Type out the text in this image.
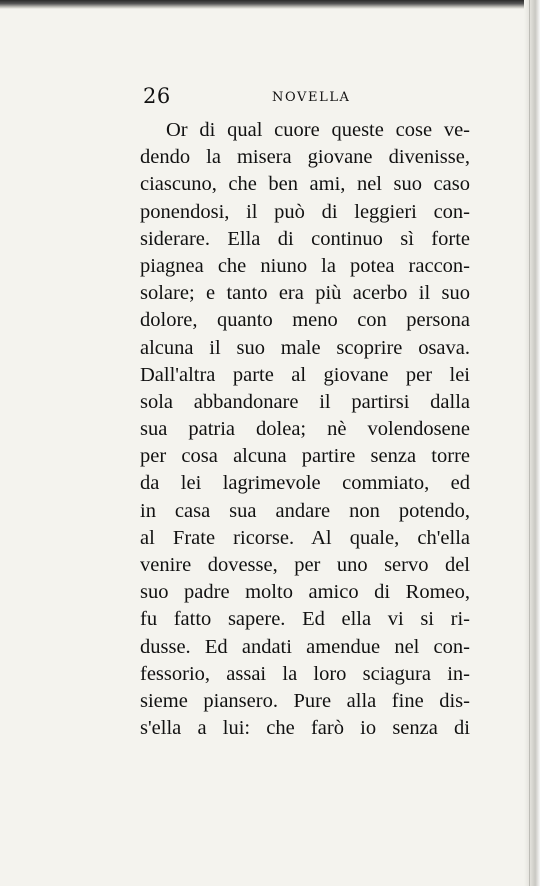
26	NOVELLA
Or di qual cuore queste cose ve-
dendo la misera giovane divenisse,
ciascuno, che ben ami, nel suo caso
ponendosi, il può di leggieri con-
siderare. Ella di continuo sì forte
piagnea che niuno la potea raccon-
solare; e tanto era più acerbo il suo
dolore, quanto meno con persona
alcuna il suo male scoprire osava.
Dall'altra parte al giovane per lei
sola abbandonare il partirsi dalla
sua patria dolea; nè volendosene
per cosa alcuna partire senza torre
da lei lagrimevole commiato, ed
in casa sua andare non potendo,
al Frate ricorse. Al quale, ch'ella
venire dovesse, per uno servo del
suo padre molto amico di Romeo,
fu fatto sapere. Ed ella vi si ri-
dusse. Ed andati amendue nel con-
fessorio, assai la loro sciagura in-
sieme piansero. Pure alla fine dis-
s'ella a lui: che farò io senza di
